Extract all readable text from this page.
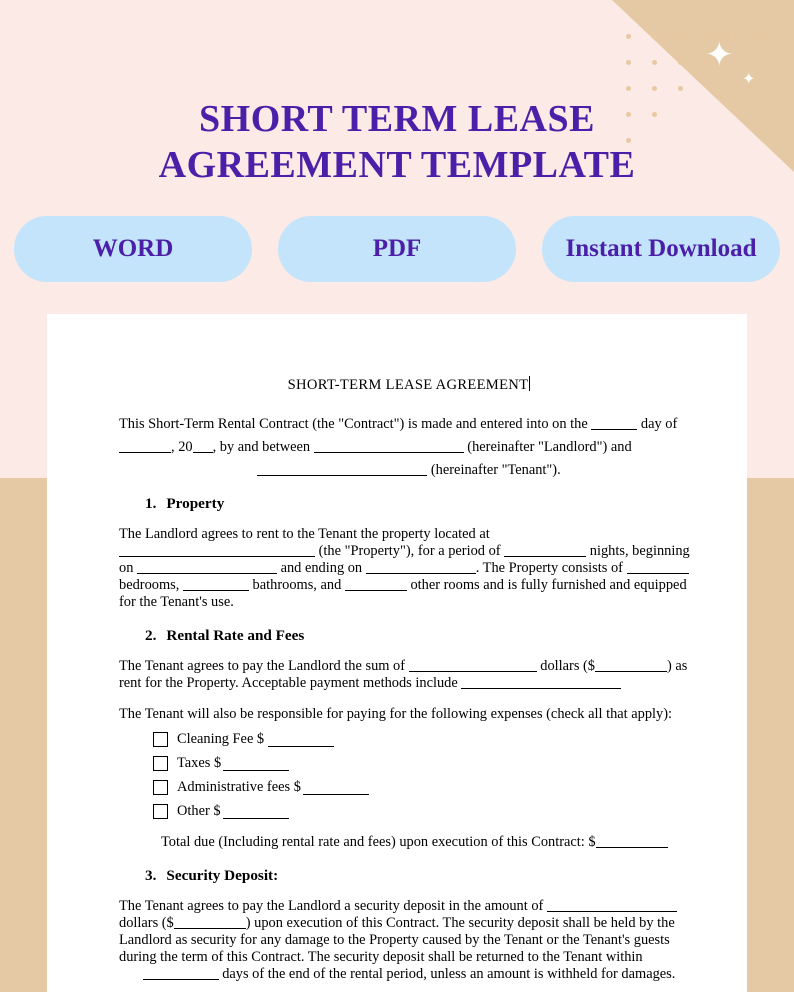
✦
✦
SHORT TERM LEASE
AGREEMENT TEMPLATE
WORD	PDF	Instant Download
SHORT-TERM LEASE AGREEMENT

This Short-Term Rental Contract (the "Contract") is made and entered into on the	day of

, 20 , by and between	(hereinafter "Landlord") and

(hereinafter "Tenant").

1. Property

The Landlord agrees to rent to the Tenant the property located at
(the "Property"), for a period of	nights, beginning on	and ending on	. The Property consists of  bedrooms,	bathrooms, and	other rooms and is fully furnished and equipped for the Tenant's use.

2. Rental Rate and Fees

The Tenant agrees to pay the Landlord the sum of	dollars ($	) as rent for the Property. Acceptable payment methods include

The Tenant will also be responsible for paying for the following expenses (check all that apply):

Cleaning Fee $
Taxes $
Administrative fees $
Other $

Total due (Including rental rate and fees) upon execution of this Contract: $

3. Security Deposit:

The Tenant agrees to pay the Landlord a security deposit in the amount of
dollars ($	) upon execution of this Contract. The security deposit shall be held by the Landlord as security for any damage to the Property caused by the Tenant or the Tenant's guests during the term of this Contract. The security deposit shall be returned to the Tenant within

days of the end of the rental period, unless an amount is withheld for damages.
